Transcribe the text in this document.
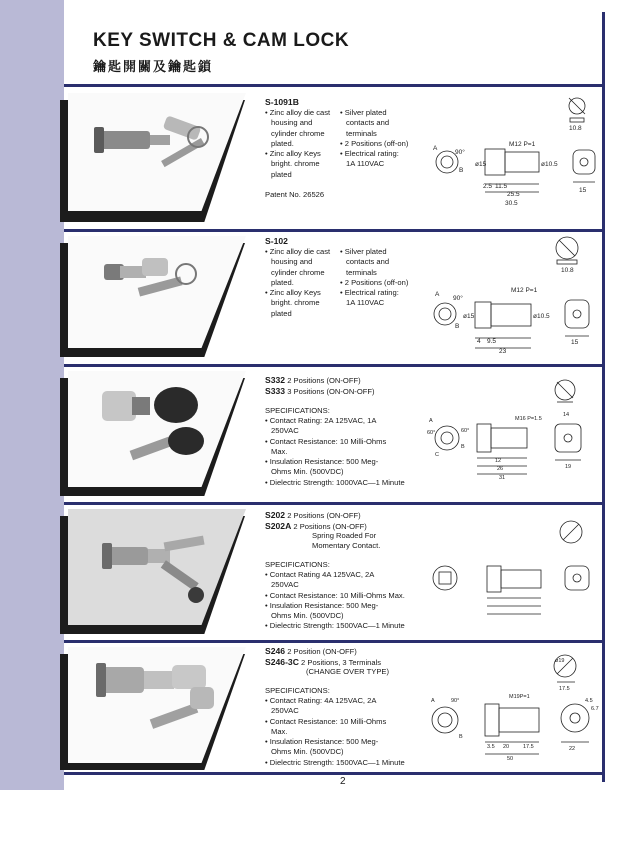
KEY SWITCH & CAM LOCK
鑰匙開關及鑰匙鎖
S-1091B
• Zinc alloy die cast
housing and
cylinder chrome
plated.
• Zinc alloy Keys
bright. chrome
plated
• Silver plated
contacts and
terminals
• 2 Positions (off-on)
• Electrical rating:
1A 110VAC
Patent No. 26526
10.8
A
90°
B
M12 P=1
2.5 11.5
25.5
30.5
ø15	ø10.5
15
S-102
• Zinc alloy die cast
housing and
cylinder chrome
plated.
• Zinc alloy Keys
bright. chrome
plated
• Silver plated
contacts and
terminals
• 2 Positions (off-on)
• Electrical rating:
1A 110VAC
10.8
A
90°
B
M12 P=1
4 9.5
23
ø15	ø10.5
15
S332 2 Positions (ON-OFF)
S333 3 Positions (ON-ON-OFF)
SPECIFICATIONS:
• Contact Rating: 2A 125VAC, 1A
250VAC
• Contact Resistance: 10 Milli-Ohms
Max.
• Insulation Resistance: 500 Meg-
Ohms Min. (500VDC)
• Dielectric Strength: 1000VAC—1 Minute
A
60°	60°
B
C
M16 P=1.5
12
26
31
14
19
S202 2 Positions (ON-OFF)
S202A 2 Positions (ON-OFF)
Spring Roaded For
Momentary Contact.
SPECIFICATIONS:
• Contact Rating 4A 125VAC, 2A
250VAC
• Contact Resistance: 10 Milli-Ohms Max.
• Insulation Resistance: 500 Meg-
Ohms Min. (500VDC)
• Dielectric Strength: 1500VAC—1 Minute
S246 2 Position (ON-OFF)
S246-3C 2 Positions, 3 Terminals
(CHANGE OVER TYPE)
SPECIFICATIONS:
• Contact Rating: 4A 125VAC, 2A
250VAC
• Contact Resistance: 10 Milli-Ohms
Max.
• Insulation Resistance: 500 Meg-
Ohms Min. (500VDC)
• Dielectric Strength: 1500VAC—1 Minute
ø19
17.5
A	90°
B
M19P=1
3.5 20	17.5
50
22
4.5
6.7
2
